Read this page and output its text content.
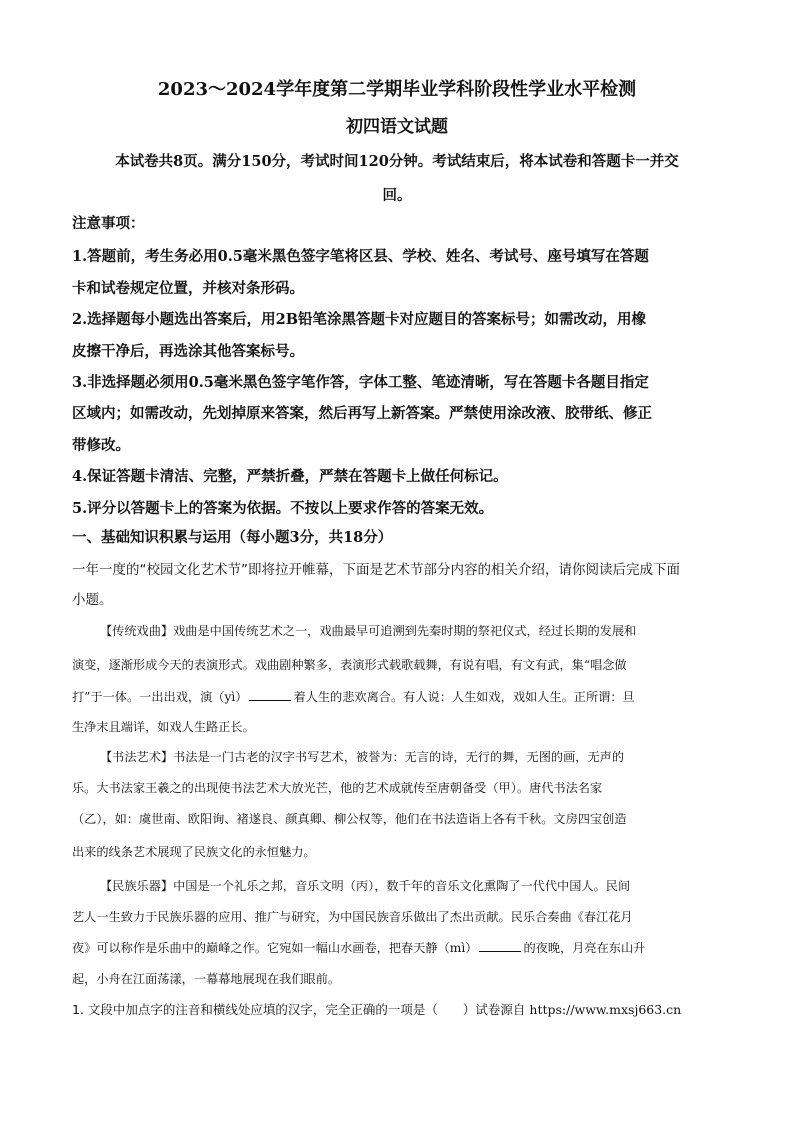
2023～2024学年度第二学期毕业学科阶段性学业水平检测
初四语文试题
本试卷共8页。满分150分，考试时间120分钟。考试结束后，将本试卷和答题卡一并交
回。
注意事项：
1.答题前，考生务必用0.5毫米黑色签字笔将区县、学校、姓名、考试号、座号填写在答题
卡和试卷规定位置，并核对条形码。
2.选择题每小题选出答案后，用2B铅笔涂黑答题卡对应题目的答案标号；如需改动，用橡
皮擦干净后，再选涂其他答案标号。
3.非选择题必须用0.5毫米黑色签字笔作答，字体工整、笔迹清晰，写在答题卡各题目指定
区域内；如需改动，先划掉原来答案，然后再写上新答案。严禁使用涂改液、胶带纸、修正
带修改。
4.保证答题卡清洁、完整，严禁折叠，严禁在答题卡上做任何标记。
5.评分以答题卡上的答案为依据。不按以上要求作答的答案无效。
一、基础知识积累与运用（每小题3分，共18分）
一年一度的“校园文化艺术节”即将拉开帷幕，下面是艺术节部分内容的相关介绍，请你阅读后完成下面
小题。
【传统戏曲】戏曲是中国传统艺术之一，戏曲最早可追溯到先秦时期的祭祀仪式，经过长期的发展和
演变，逐渐形成今天的表演形式。戏曲剧种繁多，表演形式载歌载舞，有说有唱，有文有武，集“唱念做
打”于一体。一出出戏，演（yì）	着人生的悲欢离合。有人说：人生如戏，戏如人生。正所谓：旦
生净末且端详，如戏人生路正长。
【书法艺术】书法是一门古老的汉字书写艺术，被誉为：无言的诗，无行的舞，无图的画，无声的
乐。大书法家王羲之的出现使书法艺术大放光芒，他的艺术成就传至唐朝备受（甲）。唐代书法名家
（乙），如：虞世南、欧阳询、褚遂良、颜真卿、柳公权等，他们在书法造诣上各有千秋。文房四宝创造
出来的线条艺术展现了民族文化的永恒魅力。
【民族乐器】中国是一个礼乐之邦，音乐文明（丙），数千年的音乐文化熏陶了一代代中国人。民间
艺人一生致力于民族乐器的应用、推广与研究，为中国民族音乐做出了杰出贡献。民乐合奏曲《春江花月
夜》可以称作是乐曲中的巅峰之作。它宛如一幅山水画卷，把春天静（mì）	的夜晚，月亮在东山升
起，小舟在江面荡漾，一幕幕地展现在我们眼前。
1. 文段中加点字的注音和横线处应填的汉字，完全正确的一项是（　　）试卷源自 https://www.mxsj663.cn
